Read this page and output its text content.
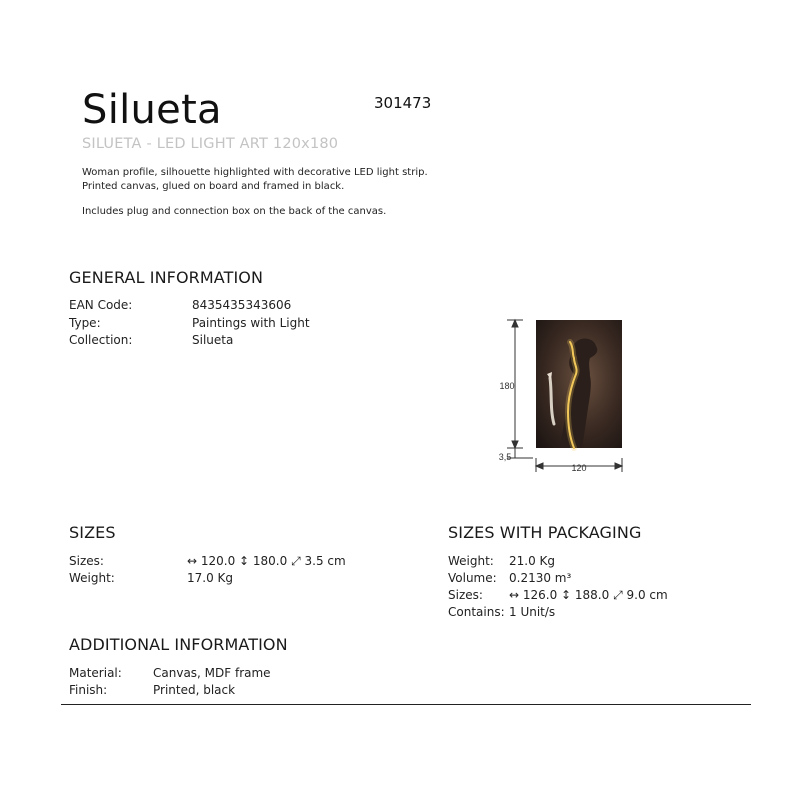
Silueta	301473
SILUETA - LED LIGHT ART 120x180

Woman profile, silhouette highlighted with decorative LED light strip. Printed canvas, glued on board and framed in black.

Includes plug and connection box on the back of the canvas.

GENERAL INFORMATION
EAN Code:	8435435343606
Type:	Paintings with Light
Collection:	Silueta
180
3,5
120
SIZES
Sizes:	↔ 120.0 ↕ 180.0 ⤢ 3.5 cm
Weight:	17.0 Kg
SIZES WITH PACKAGING
Weight: 21.0 Kg
Volume: 0.2130 m³
Sizes: ↔ 126.0 ↕ 188.0 ⤢ 9.0 cm
Contains: 1 Unit/s
ADDITIONAL INFORMATION
Material:	Canvas, MDF frame
Finish:	Printed, black
